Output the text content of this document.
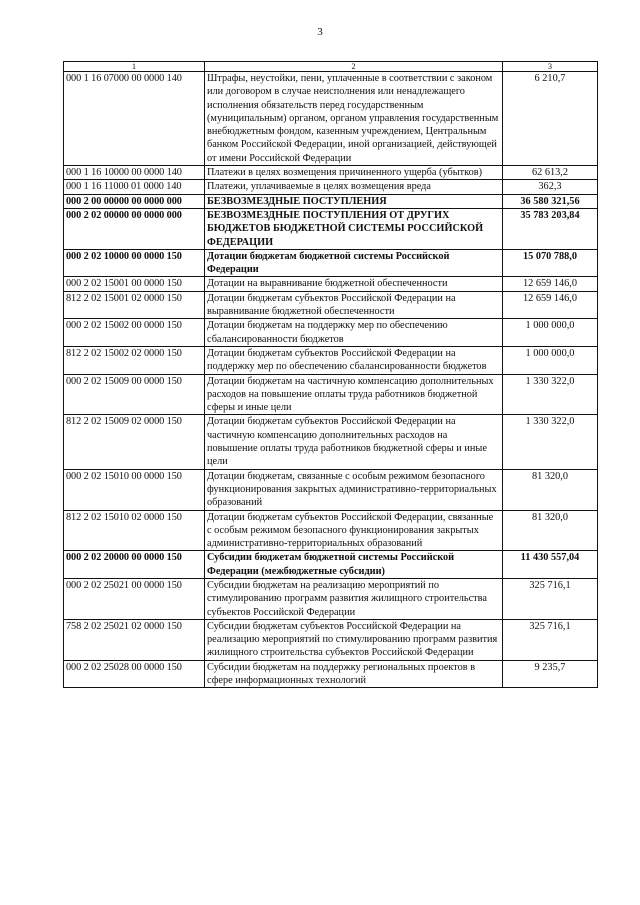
3
1	2	3
000 1 16 07000 00 0000 140	Штрафы, неустойки, пени, уплаченные в соответствии с законом или договором в случае неисполнения или ненадлежащего исполнения обязательств перед государственным (муниципальным) органом, органом управления государственным внебюджетным фондом, казенным учреждением, Центральным банком Российской Федерации, иной организацией, действующей от имени Российской Федерации	6 210,7
000 1 16 10000 00 0000 140	Платежи в целях возмещения причиненного ущерба (убытков)	62 613,2
000 1 16 11000 01 0000 140	Платежи, уплачиваемые в целях возмещения вреда	362,3
000 2 00 00000 00 0000 000	БЕЗВОЗМЕЗДНЫЕ ПОСТУПЛЕНИЯ	36 580 321,56
000 2 02 00000 00 0000 000	БЕЗВОЗМЕЗДНЫЕ ПОСТУПЛЕНИЯ ОТ ДРУГИХ БЮДЖЕТОВ БЮДЖЕТНОЙ СИСТЕМЫ РОССИЙСКОЙ ФЕДЕРАЦИИ	35 783 203,84
000 2 02 10000 00 0000 150	Дотации бюджетам бюджетной системы Российской Федерации	15 070 788,0
000 2 02 15001 00 0000 150	Дотации на выравнивание бюджетной обеспеченности	12 659 146,0
812 2 02 15001 02 0000 150	Дотации бюджетам субъектов Российской Федерации на выравнивание бюджетной обеспеченности	12 659 146,0
000 2 02 15002 00 0000 150	Дотации бюджетам на поддержку мер по обеспечению сбалансированности бюджетов	1 000 000,0
812 2 02 15002 02 0000 150	Дотации бюджетам субъектов Российской Федерации на поддержку мер по обеспечению сбалансированности бюджетов	1 000 000,0
000 2 02 15009 00 0000 150	Дотации бюджетам на частичную компенсацию дополнительных расходов на повышение оплаты труда работников бюджетной сферы и иные цели	1 330 322,0
812 2 02 15009 02 0000 150	Дотации бюджетам субъектов Российской Федерации на частичную компенсацию дополнительных расходов на повышение оплаты труда работников бюджетной сферы и иные цели	1 330 322,0
000 2 02 15010 00 0000 150	Дотации бюджетам, связанные с особым режимом безопасного функционирования закрытых административно-территориальных образований	81 320,0
812 2 02 15010 02 0000 150	Дотации бюджетам субъектов Российской Федерации, связанные с особым режимом безопасного функционирования закрытых административно-территориальных образований	81 320,0
000 2 02 20000 00 0000 150	Субсидии бюджетам бюджетной системы Российской Федерации (межбюджетные субсидии)	11 430 557,04
000 2 02 25021 00 0000 150	Субсидии бюджетам на реализацию мероприятий по стимулированию программ развития жилищного строительства субъектов Российской Федерации	325 716,1
758 2 02 25021 02 0000 150	Субсидии бюджетам субъектов Российской Федерации на реализацию мероприятий по стимулированию программ развития жилищного строительства субъектов Российской Федерации	325 716,1
000 2 02 25028 00 0000 150	Субсидии бюджетам на поддержку региональных проектов в сфере информационных технологий	9 235,7
